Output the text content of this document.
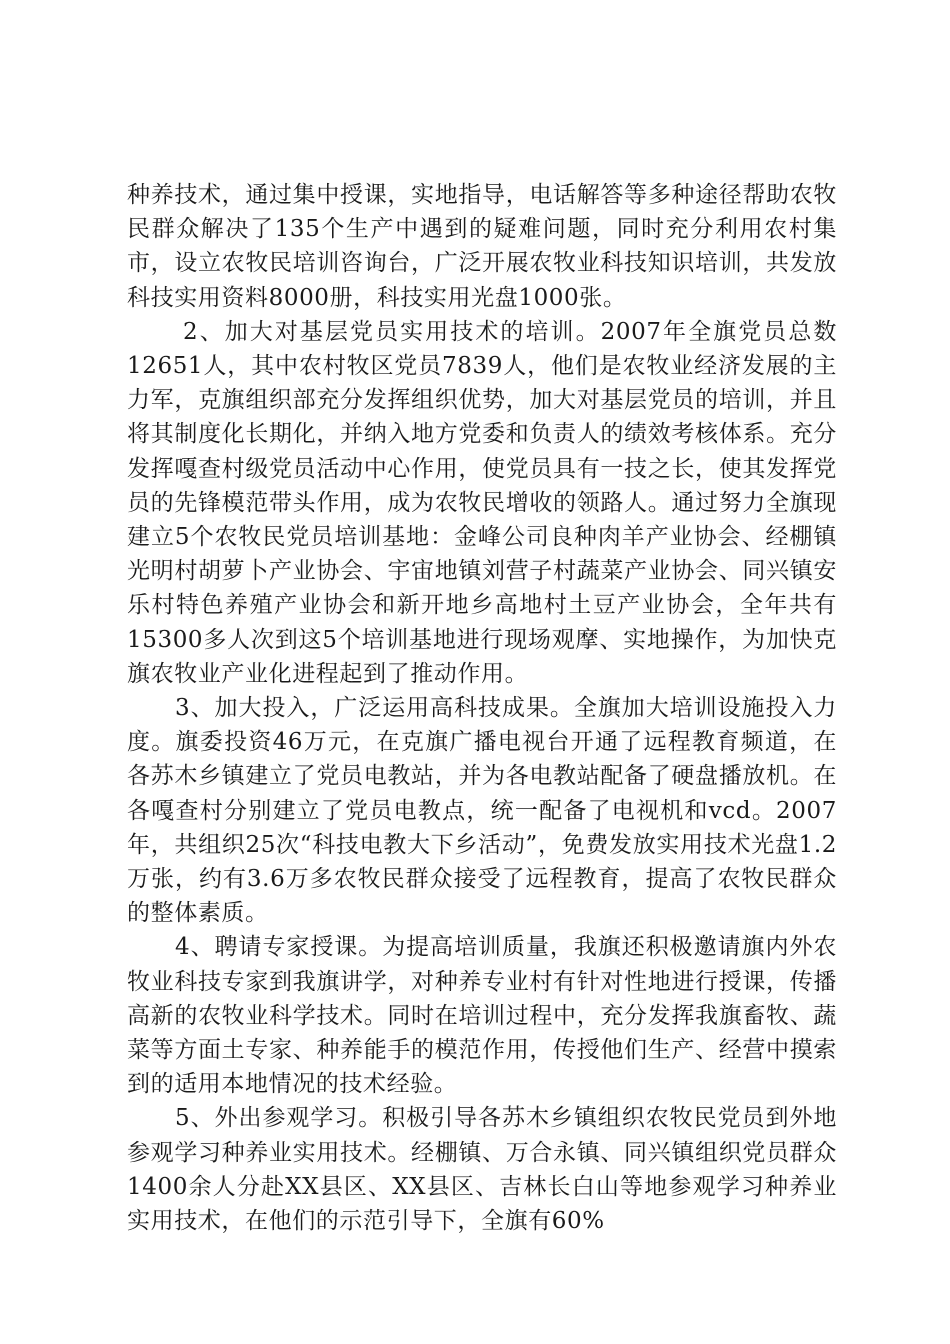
种养技术，通过集中授课，实地指导，电话解答等多种途径帮助农牧民群众解决了135个生产中遇到的疑难问题，同时充分利用农村集市，设立农牧民培训咨询台，广泛开展农牧业科技知识培训，共发放科技实用资料8000册，科技实用光盘1000张。

2、加大对基层党员实用技术的培训。2007年全旗党员总数12651人，其中农村牧区党员7839人，他们是农牧业经济发展的主力军，克旗组织部充分发挥组织优势，加大对基层党员的培训，并且将其制度化长期化，并纳入地方党委和负责人的绩效考核体系。充分发挥嘎查村级党员活动中心作用，使党员具有一技之长，使其发挥党员的先锋模范带头作用，成为农牧民增收的领路人。通过努力全旗现建立5个农牧民党员培训基地：金峰公司良种肉羊产业协会、经棚镇光明村胡萝卜产业协会、宇宙地镇刘营子村蔬菜产业协会、同兴镇安乐村特色养殖产业协会和新开地乡高地村土豆产业协会，全年共有15300多人次到这5个培训基地进行现场观摩、实地操作，为加快克旗农牧业产业化进程起到了推动作用。

3、加大投入，广泛运用高科技成果。全旗加大培训设施投入力度。旗委投资46万元，在克旗广播电视台开通了远程教育频道，在各苏木乡镇建立了党员电教站，并为各电教站配备了硬盘播放机。在各嘎查村分别建立了党员电教点，统一配备了电视机和vcd。2007年，共组织25次“科技电教大下乡活动”，免费发放实用技术光盘1.2万张，约有3.6万多农牧民群众接受了远程教育，提高了农牧民群众的整体素质。

4、聘请专家授课。为提高培训质量，我旗还积极邀请旗内外农牧业科技专家到我旗讲学，对种养专业村有针对性地进行授课，传播高新的农牧业科学技术。同时在培训过程中，充分发挥我旗畜牧、蔬菜等方面土专家、种养能手的模范作用，传授他们生产、经营中摸索到的适用本地情况的技术经验。

5、外出参观学习。积极引导各苏木乡镇组织农牧民党员到外地参观学习种养业实用技术。经棚镇、万合永镇、同兴镇组织党员群众1400余人分赴XX县区、XX县区、吉林长白山等地参观学习种养业实用技术，在他们的示范引导下，全旗有60%
